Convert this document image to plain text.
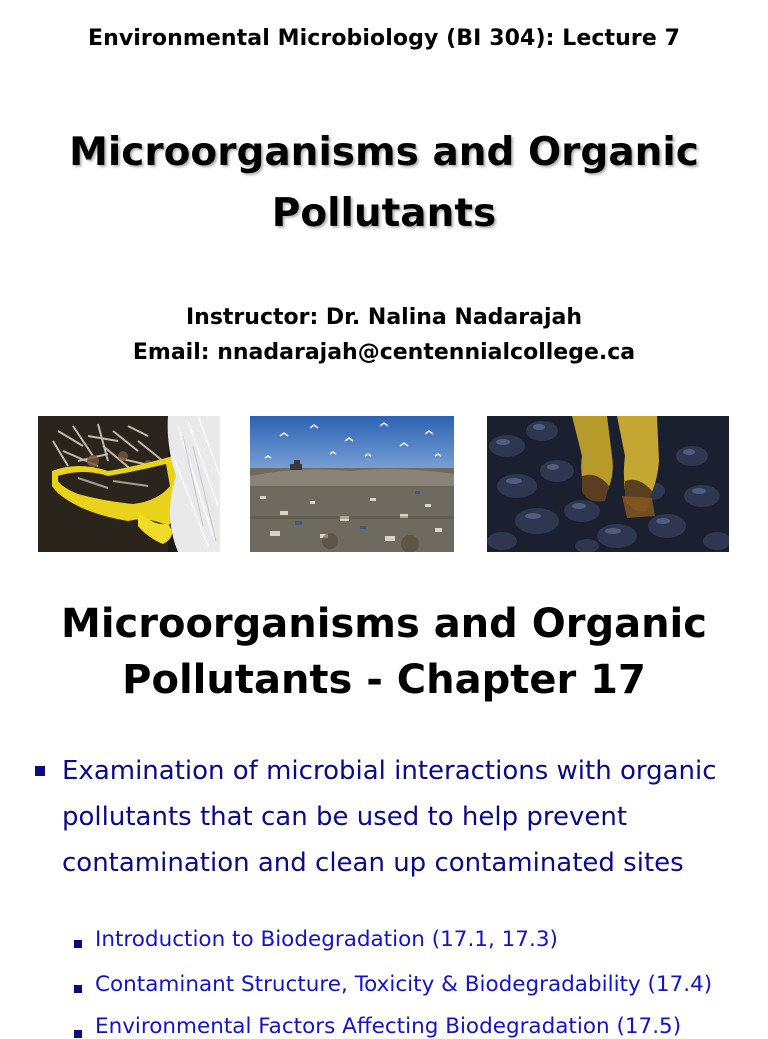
Environmental Microbiology (BI 304): Lecture 7
Microorganisms and Organic
Pollutants
Instructor: Dr. Nalina Nadarajah
Email: nnadarajah@centennialcollege.ca
Microorganisms and Organic
Pollutants - Chapter 17
Examination of microbial interactions with organic
pollutants that can be used to help prevent
contamination and clean up contaminated sites
Introduction to Biodegradation (17.1, 17.3)
Contaminant Structure, Toxicity & Biodegradability (17.4)
Environmental Factors Affecting Biodegradation (17.5)
